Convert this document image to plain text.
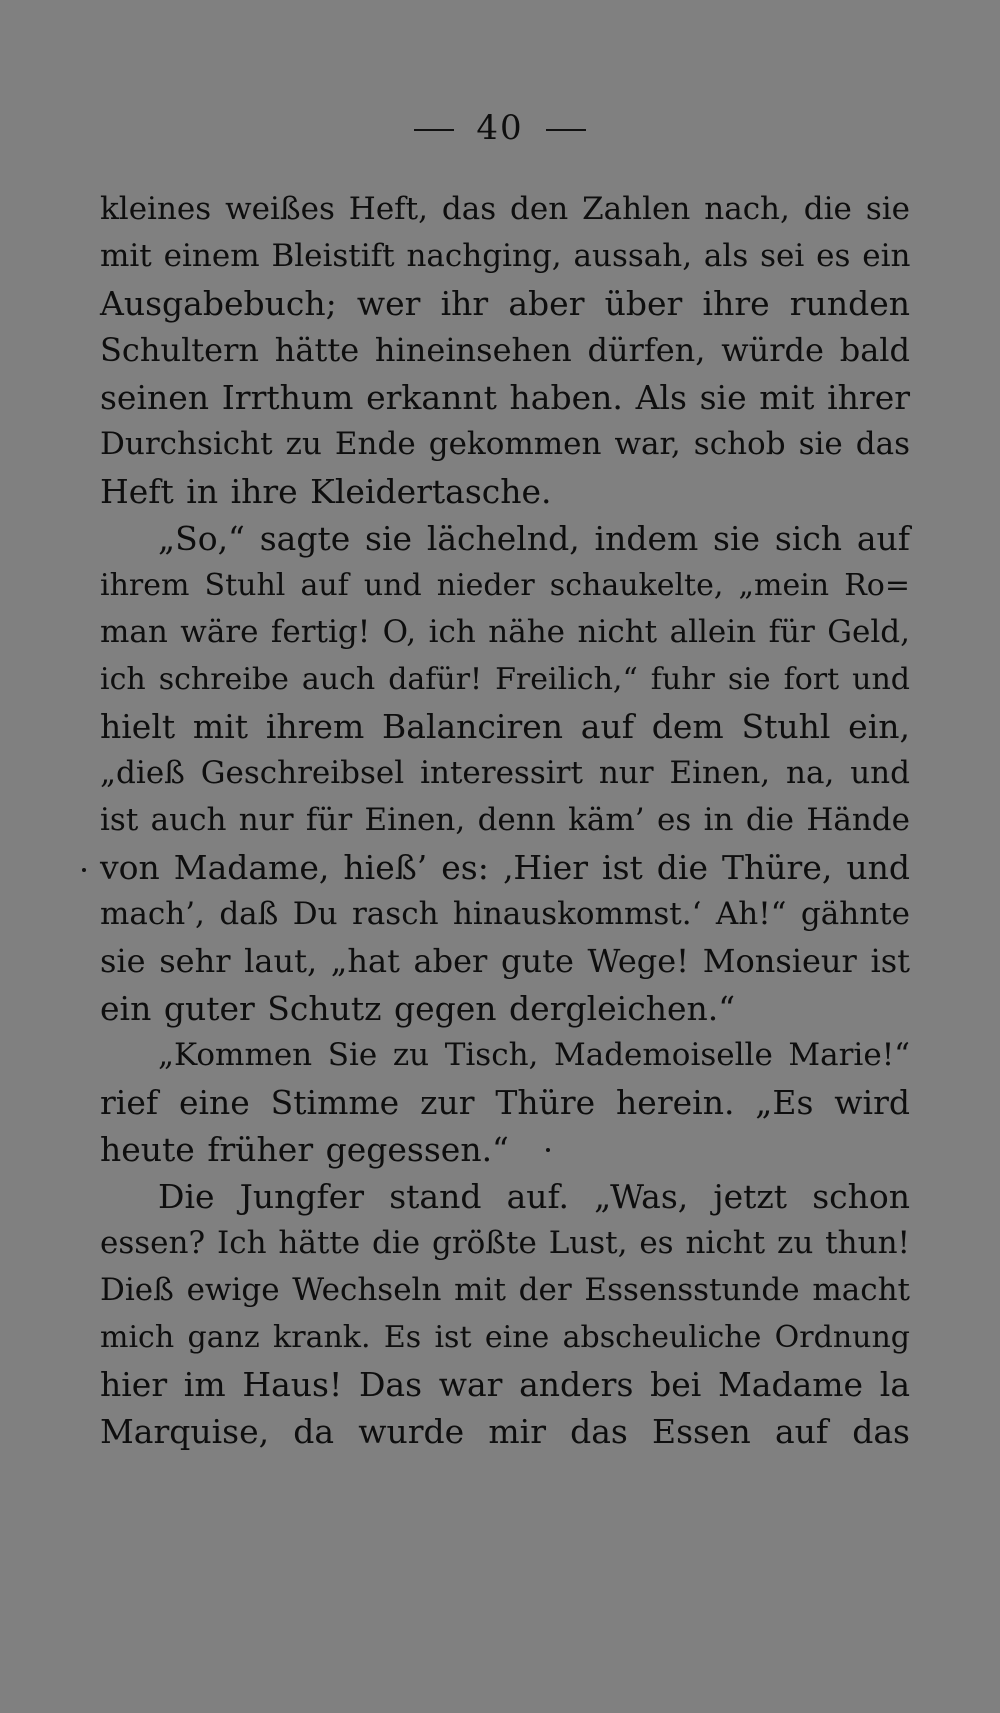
40
kleines weißes Heft, das den Zahlen nach, die sie
mit einem Bleistift nachging, aussah, als sei es ein
Ausgabebuch; wer ihr aber über ihre runden
Schultern hätte hineinsehen dürfen, würde bald
seinen Irrthum erkannt haben. Als sie mit ihrer
Durchsicht zu Ende gekommen war, schob sie das
Heft in ihre Kleidertasche.
„So,“ sagte sie lächelnd, indem sie sich auf
ihrem Stuhl auf und nieder schaukelte, „mein Ro=
man wäre fertig! O, ich nähe nicht allein für Geld,
ich schreibe auch dafür! Freilich,“ fuhr sie fort und
hielt mit ihrem Balanciren auf dem Stuhl ein,
„dieß Geschreibsel interessirt nur Einen, na, und
ist auch nur für Einen, denn käm’ es in die Hände
von Madame, hieß’ es: ‚Hier ist die Thüre, und
mach’, daß Du rasch hinauskommst.‘ Ah!“ gähnte
sie sehr laut, „hat aber gute Wege! Monsieur ist
ein guter Schutz gegen dergleichen.“
„Kommen Sie zu Tisch, Mademoiselle Marie!“
rief eine Stimme zur Thüre herein. „Es wird
heute früher gegessen.“
Die Jungfer stand auf. „Was, jetzt schon
essen? Ich hätte die größte Lust, es nicht zu thun!
Dieß ewige Wechseln mit der Essensstunde macht
mich ganz krank. Es ist eine abscheuliche Ordnung
hier im Haus! Das war anders bei Madame la
Marquise, da wurde mir das Essen auf das
